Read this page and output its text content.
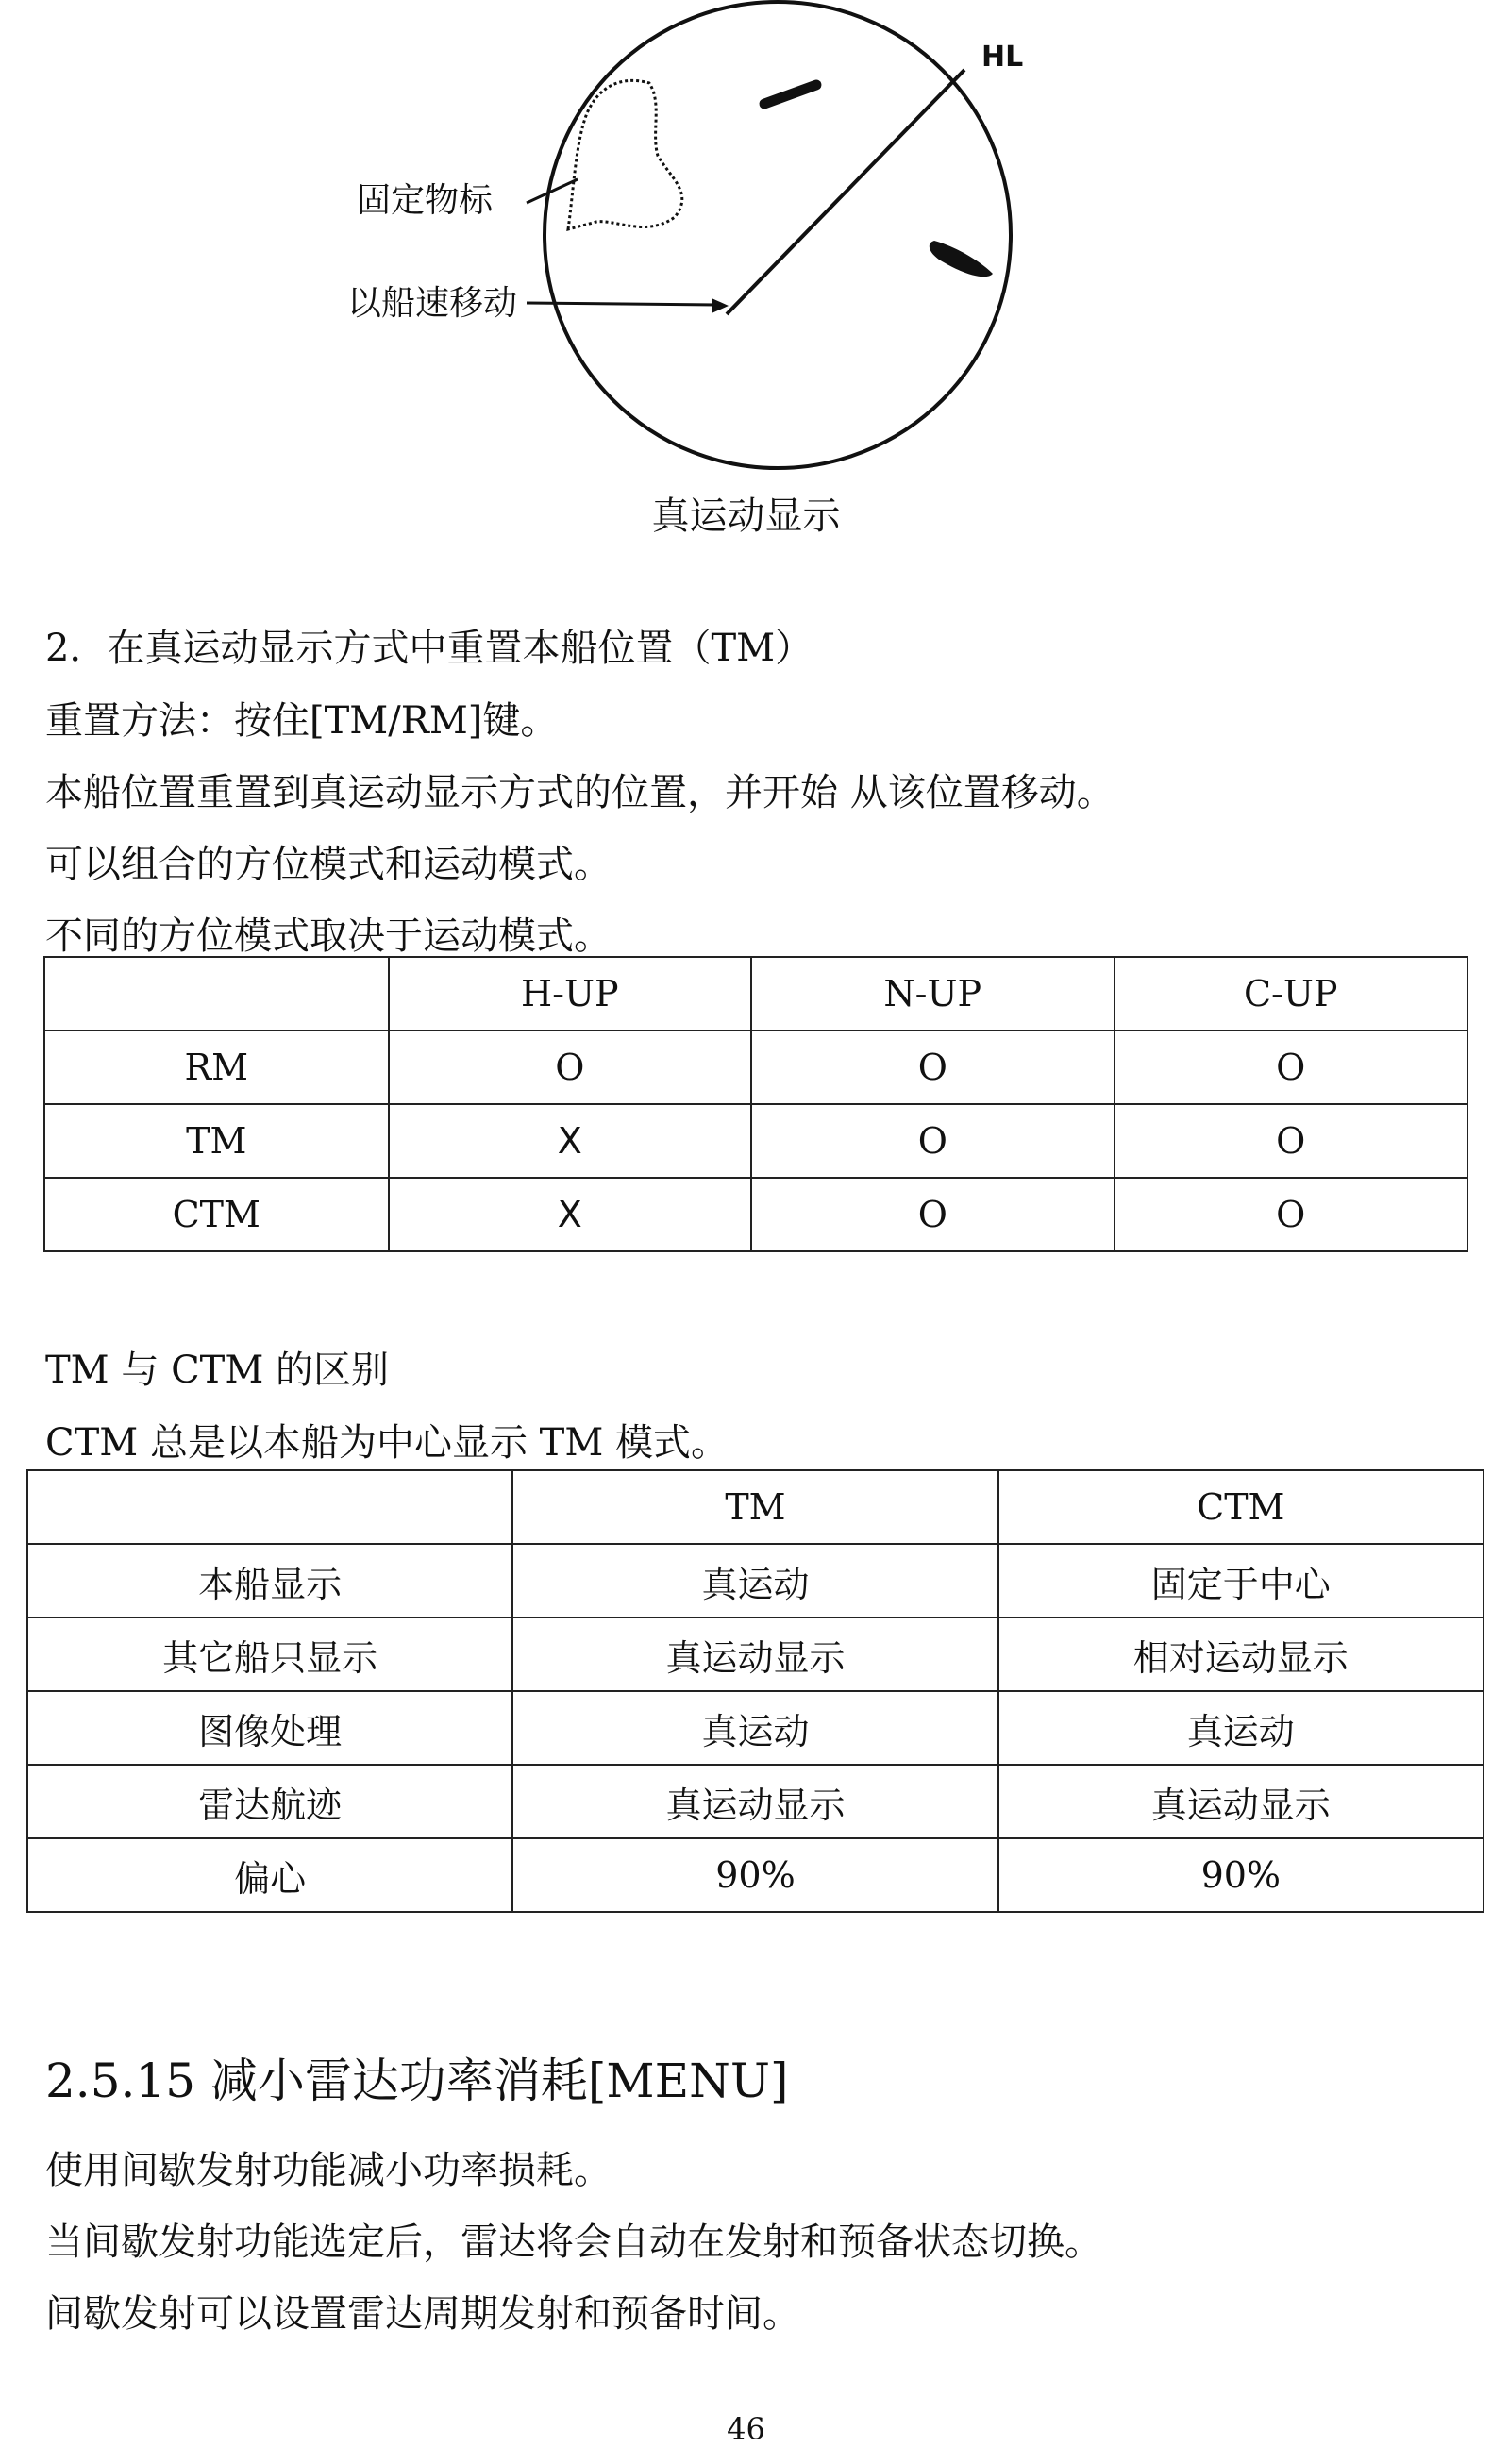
HL
固定物标
以船速移动
真运动显示
2．在真运动显示方式中重置本船位置（TM）
重置方法：按住[TM/RM]键。
本船位置重置到真运动显示方式的位置，并开始 从该位置移动。
可以组合的方位模式和运动模式。
不同的方位模式取决于运动模式。
	H-UP	N-UP	C-UP
RM	O	O	O
TM	X	O	O
CTM	X	O	O
TM 与 CTM 的区别
CTM 总是以本船为中心显示 TM 模式。
	TM	CTM
本船显示	真运动	固定于中心
其它船只显示	真运动显示	相对运动显示
图像处理	真运动	真运动
雷达航迹	真运动显示	真运动显示
偏心	90%	90%
2.5.15 减小雷达功率消耗[MENU]
使用间歇发射功能减小功率损耗。
当间歇发射功能选定后，雷达将会自动在发射和预备状态切换。
间歇发射可以设置雷达周期发射和预备时间。
46
